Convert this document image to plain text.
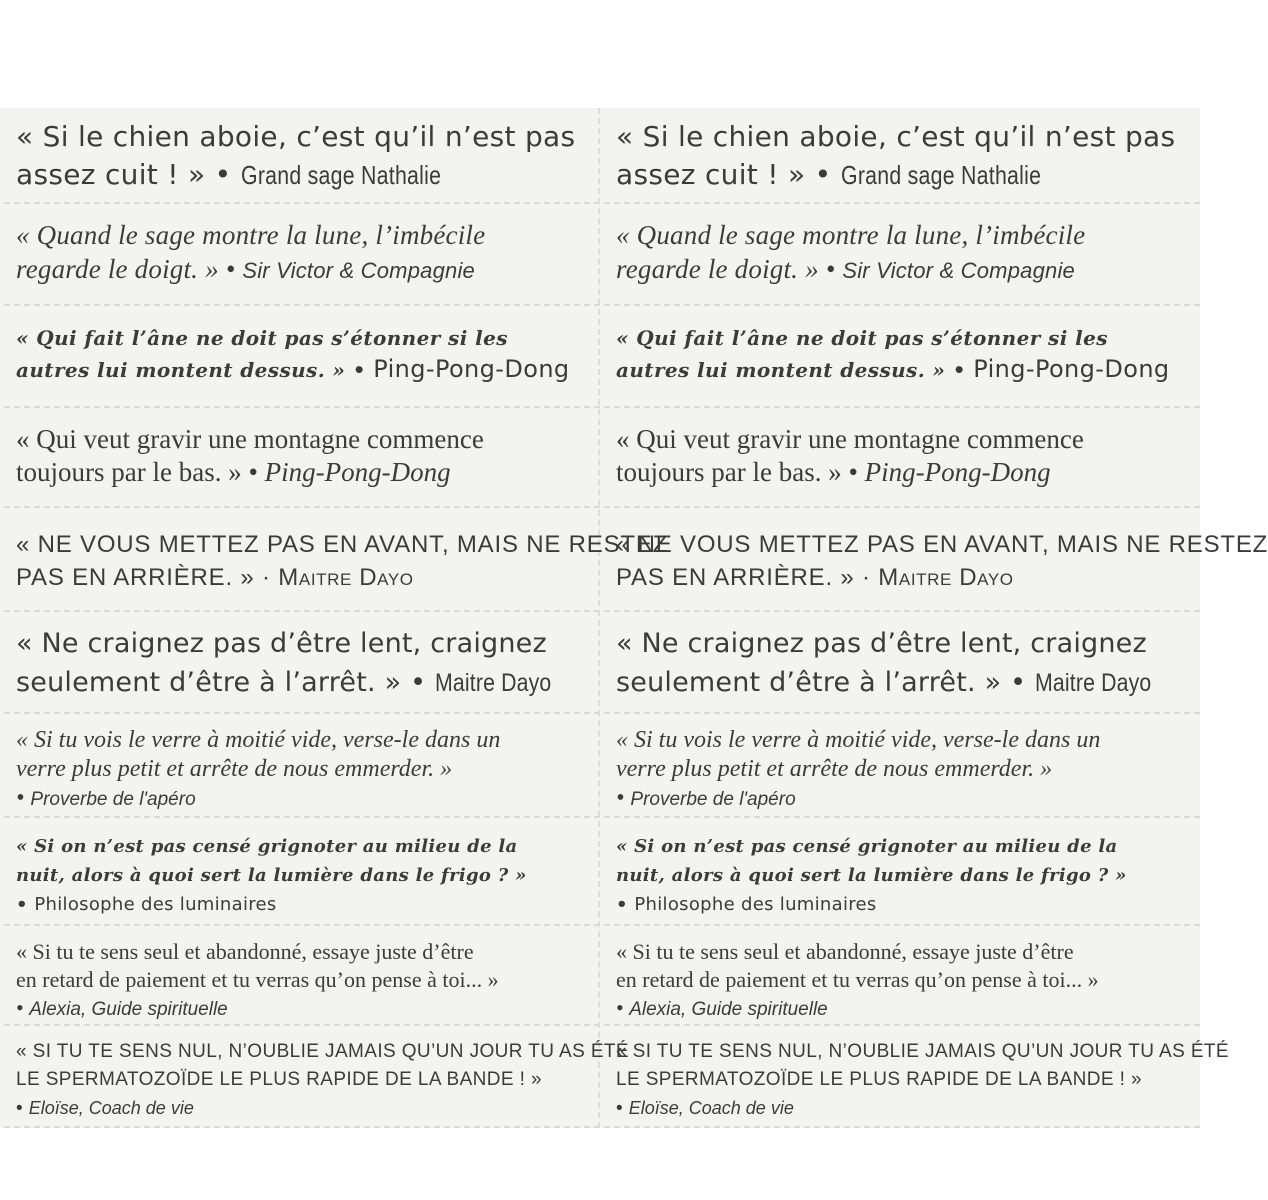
« Si le chien aboie, c’est qu’il n’est pas
assez cuit ! » • Grand sage Nathalie

« Quand le sage montre la lune, l’imbécile
regarde le doigt. » • Sir Victor & Compagnie

« Qui fait l’âne ne doit pas s’étonner si les
autres lui montent dessus. » • Ping-Pong-Dong

« Qui veut gravir une montagne commence
toujours par le bas. » • Ping-Pong-Dong

« NE VOUS METTEZ PAS EN AVANT, MAIS NE RESTEZ
PAS EN ARRIÈRE. » · Maitre Dayo

« Ne craignez pas d’être lent, craignez
seulement d’être à l’arrêt. » • Maitre Dayo

« Si tu vois le verre à moitié vide, verse-le dans un
verre plus petit et arrête de nous emmerder. »
• Proverbe de l'apéro

« Si on n’est pas censé grignoter au milieu de la
nuit, alors à quoi sert la lumière dans le frigo ? »
• Philosophe des luminaires

« Si tu te sens seul et abandonné, essaye juste d’être
en retard de paiement et tu verras qu’on pense à toi... »
• Alexia, Guide spirituelle

« SI TU TE SENS NUL, N’OUBLIE JAMAIS QU’UN JOUR TU AS ÉTÉ
LE SPERMATOZOÏDE LE PLUS RAPIDE DE LA BANDE ! »
• Eloïse, Coach de vie

« Si le chien aboie, c’est qu’il n’est pas
assez cuit ! » • Grand sage Nathalie

« Quand le sage montre la lune, l’imbécile
regarde le doigt. » • Sir Victor & Compagnie

« Qui fait l’âne ne doit pas s’étonner si les
autres lui montent dessus. » • Ping-Pong-Dong

« Qui veut gravir une montagne commence
toujours par le bas. » • Ping-Pong-Dong

« NE VOUS METTEZ PAS EN AVANT, MAIS NE RESTEZ
PAS EN ARRIÈRE. » · Maitre Dayo

« Ne craignez pas d’être lent, craignez
seulement d’être à l’arrêt. » • Maitre Dayo

« Si tu vois le verre à moitié vide, verse-le dans un
verre plus petit et arrête de nous emmerder. »
• Proverbe de l'apéro

« Si on n’est pas censé grignoter au milieu de la
nuit, alors à quoi sert la lumière dans le frigo ? »
• Philosophe des luminaires

« Si tu te sens seul et abandonné, essaye juste d’être
en retard de paiement et tu verras qu’on pense à toi... »
• Alexia, Guide spirituelle

« SI TU TE SENS NUL, N’OUBLIE JAMAIS QU’UN JOUR TU AS ÉTÉ
LE SPERMATOZOÏDE LE PLUS RAPIDE DE LA BANDE ! »
• Eloïse, Coach de vie
